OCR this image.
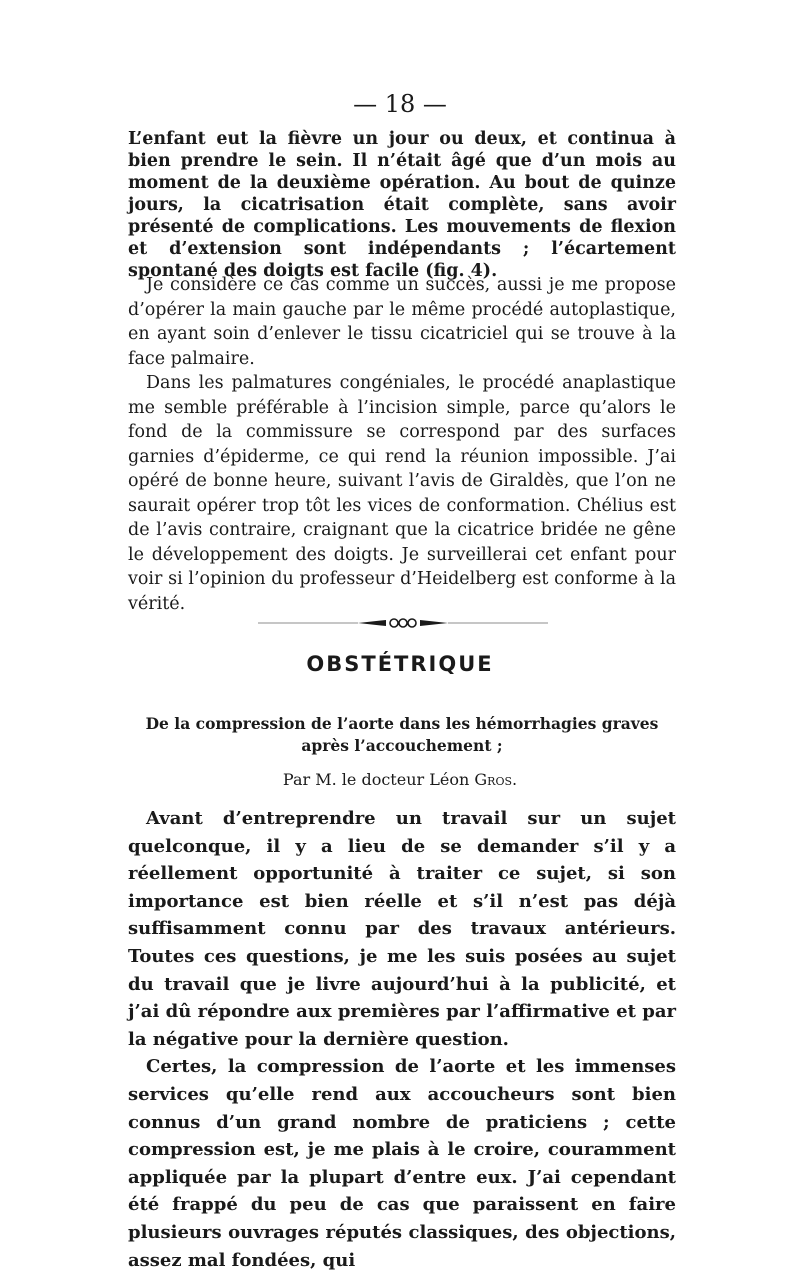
— 18 —

L’enfant eut la fièvre un jour ou deux, et continua à bien prendre le sein. Il n’était âgé que d’un mois au moment de la deuxième opération. Au bout de quinze jours, la cicatrisation était complète, sans avoir présenté de complications. Les mouvements de flexion et d’extension sont indépendants ; l’écartement spontané des doigts est facile (fig. 4).

Je considère ce cas comme un succès, aussi je me propose d’opérer la main gauche par le même procédé autoplastique, en ayant soin d’enlever le tissu cicatriciel qui se trouve à la face palmaire.

Dans les palmatures congéniales, le procédé anaplastique me semble préférable à l’incision simple, parce qu’alors le fond de la commissure se correspond par des surfaces garnies d’épiderme, ce qui rend la réunion impossible. J’ai opéré de bonne heure, suivant l’avis de Giraldès, que l’on ne saurait opérer trop tôt les vices de conformation. Chélius est de l’avis contraire, craignant que la cicatrice bridée ne gêne le développement des doigts. Je surveillerai cet enfant pour voir si l’opinion du professeur d’Heidelberg est conforme à la vérité.

OBSTÉTRIQUE
De la compression de l’aorte dans les hémorrhagies graves
après l’accouchement ;
Par M. le docteur Léon Gros.

Avant d’entreprendre un travail sur un sujet quelconque, il y a lieu de se demander s’il y a réellement opportunité à traiter ce sujet, si son importance est bien réelle et s’il n’est pas déjà suffisamment connu par des travaux antérieurs. Toutes ces questions, je me les suis posées au sujet du travail que je livre aujourd’hui à la publicité, et j’ai dû répondre aux premières par l’affirmative et par la négative pour la dernière question.

Certes, la compression de l’aorte et les immenses services qu’elle rend aux accoucheurs sont bien connus d’un grand nombre de praticiens ; cette compression est, je me plais à le croire, couramment appliquée par la plupart d’entre eux. J’ai cependant été frappé du peu de cas que paraissent en faire plusieurs ouvrages réputés classiques, des objections, assez mal fondées, qui
